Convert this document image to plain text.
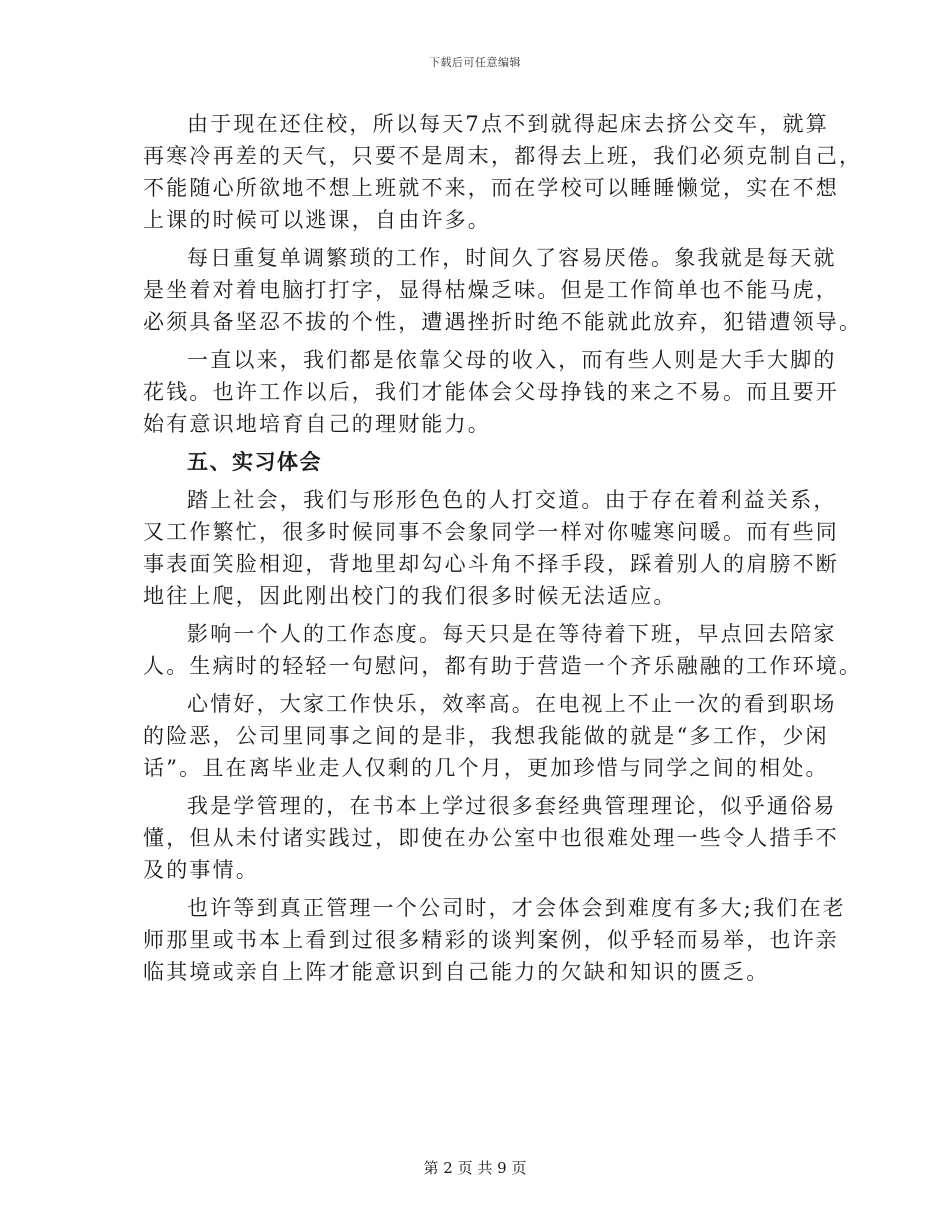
下载后可任意编辑

由于现在还住校，所以每天7点不到就得起床去挤公交车，就算

再寒冷再差的天气，只要不是周末，都得去上班，我们必须克制自己，

不能随心所欲地不想上班就不来，而在学校可以睡睡懒觉，实在不想

上课的时候可以逃课，自由许多。

每日重复单调繁琐的工作，时间久了容易厌倦。象我就是每天就

是坐着对着电脑打打字，显得枯燥乏味。但是工作简单也不能马虎，

必须具备坚忍不拔的个性，遭遇挫折时绝不能就此放弃，犯错遭领导。

一直以来，我们都是依靠父母的收入，而有些人则是大手大脚的

花钱。也许工作以后，我们才能体会父母挣钱的来之不易。而且要开

始有意识地培育自己的理财能力。

五、实习体会

踏上社会，我们与形形色色的人打交道。由于存在着利益关系，

又工作繁忙，很多时候同事不会象同学一样对你嘘寒问暖。而有些同

事表面笑脸相迎，背地里却勾心斗角不择手段，踩着别人的肩膀不断

地往上爬，因此刚出校门的我们很多时候无法适应。

影响一个人的工作态度。每天只是在等待着下班，早点回去陪家

人。生病时的轻轻一句慰问，都有助于营造一个齐乐融融的工作环境。

心情好，大家工作快乐，效率高。在电视上不止一次的看到职场

的险恶，公司里同事之间的是非，我想我能做的就是“多工作，少闲

话”。且在离毕业走人仅剩的几个月，更加珍惜与同学之间的相处。

我是学管理的，在书本上学过很多套经典管理理论，似乎通俗易

懂，但从未付诸实践过，即使在办公室中也很难处理一些令人措手不

及的事情。

也许等到真正管理一个公司时，才会体会到难度有多大;我们在老

师那里或书本上看到过很多精彩的谈判案例，似乎轻而易举，也许亲

临其境或亲自上阵才能意识到自己能力的欠缺和知识的匮乏。

第 2 页 共 9 页
